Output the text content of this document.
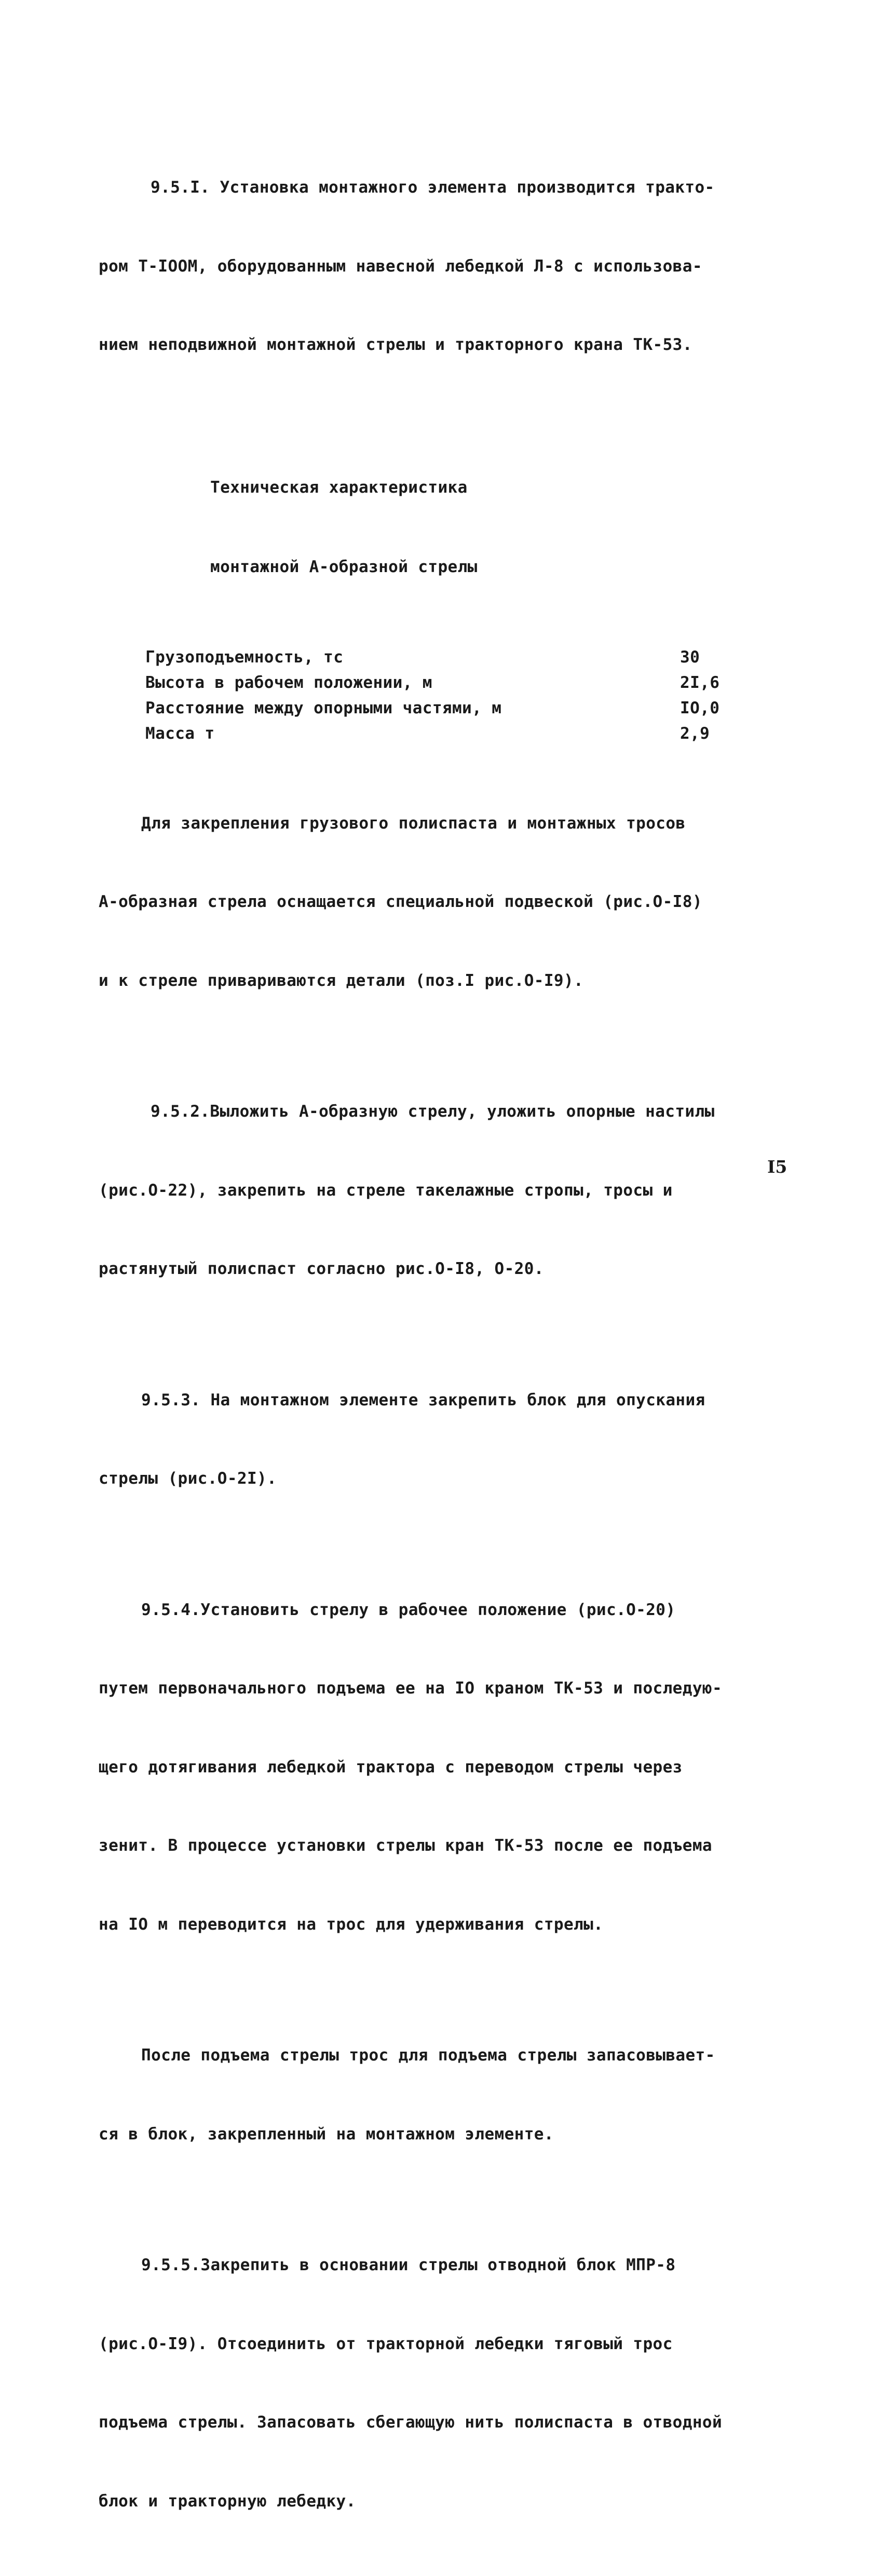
9.5.I. Установка монтажного элемента производится тракто-

ром Т-IOОМ, оборудованным навесной лебедкой Л-8 с использова-

нием неподвижной монтажной стрелы и тракторного крана ТК-53.

Техническая характеристика

монтажной А-образной стрелы

Грузоподъемность, тс	30
Высота в рабочем положении, м	2I,6
Расстояние между опорными частями, м	IO,0
Масса т	2,9

Для закрепления грузового полиспаста и монтажных тросов

А-образная стрела оснащается специальной подвеской (рис.О-I8)

и к стреле привариваются детали (поз.I рис.О-I9).

9.5.2.Выложить А-образную стрелу, уложить опорные настилы

(рис.О-22), закрепить на стреле такелажные стропы, тросы и

растянутый полиспаст согласно рис.О-I8, О-20.

9.5.3. На монтажном элементе закрепить блок для опускания

стрелы (рис.О-2I).

9.5.4.Установить стрелу в рабочее положение (рис.О-20)

путем первоначального подъема ее на IO краном ТК-53 и последую-

щего дотягивания лебедкой трактора с переводом стрелы через

зенит. В процессе установки стрелы кран ТК-53 после ее подъема

на IO м переводится на трос для удерживания стрелы.

После подъема стрелы трос для подъема стрелы запасовывает-

ся в блок, закрепленный на монтажном элементе.

9.5.5.Закрепить в основании стрелы отводной блок МПР-8

(рис.О-I9). Отсоединить от тракторной лебедки тяговый трос

подъема стрелы. Запасовать сбегающую нить полиспаста в отводной

блок и тракторную лебедку.

I5
